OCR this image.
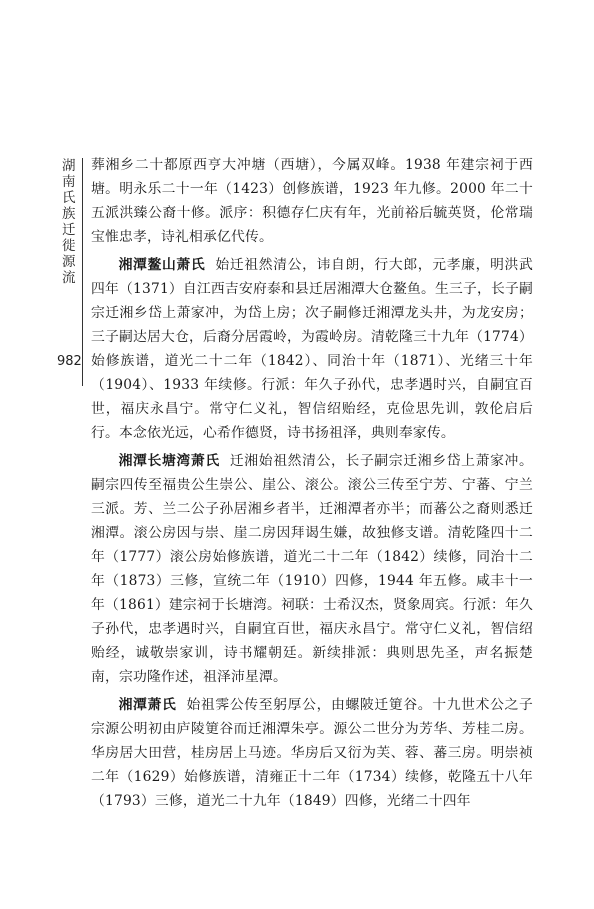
湖南氏族迁徙源流
982

葬湘乡二十都原西亨大冲塘（西塘），今属双峰。1938 年建宗祠于西塘。明永乐二十一年（1423）创修族谱，1923 年九修。2000 年二十五派洪臻公裔十修。派序：积德存仁庆有年，光前裕后毓英贤，伦常瑞宝惟忠孝，诗礼相承亿代传。

湘潭鳌山萧氏 始迁祖然清公，讳自朗，行大郎，元孝廉，明洪武四年（1371）自江西吉安府泰和县迁居湘潭大仓鳌鱼。生三子，长子嗣宗迁湘乡岱上萧家冲，为岱上房；次子嗣修迁湘潭龙头井，为龙安房；三子嗣达居大仓，后裔分居霞岭，为霞岭房。清乾隆三十九年（1774）始修族谱，道光二十二年（1842）、同治十年（1871）、光绪三十年（1904）、1933 年续修。行派：年久子孙代，忠孝遇时兴，自嗣宜百世，福庆永昌宁。常守仁义礼，智信绍贻经，克俭思先训，敦伦启后行。本念依光远，心希作德贤，诗书扬祖泽，典则奉家传。

湘潭长塘湾萧氏 迁湘始祖然清公，长子嗣宗迁湘乡岱上萧家冲。嗣宗四传至福贵公生崇公、崖公、滚公。滚公三传至宁芳、宁蕃、宁兰三派。芳、兰二公子孙居湘乡者半，迁湘潭者亦半；而蕃公之裔则悉迁湘潭。滚公房因与崇、崖二房因拜谒生嫌，故独修支谱。清乾隆四十二年（1777）滚公房始修族谱，道光二十二年（1842）续修，同治十二年（1873）三修，宣统二年（1910）四修，1944 年五修。咸丰十一年（1861）建宗祠于长塘湾。祠联：士希汉杰，贤象周宾。行派：年久子孙代，忠孝遇时兴，自嗣宜百世，福庆永昌宁。常守仁义礼，智信绍贻经，诚敬崇家训，诗书耀朝廷。新续排派：典则思先圣，声名振楚南，宗功隆作述，祖泽沛星潭。

湘潭萧氏 始祖霁公传至躬厚公，由螺陂迁筻谷。十九世术公之子宗源公明初由庐陵筻谷而迁湘潭朱亭。源公二世分为芳华、芳桂二房。华房居大田营，桂房居上马迹。华房后又衍为芙、蓉、蕃三房。明崇祯二年（1629）始修族谱，清雍正十二年（1734）续修，乾隆五十八年（1793）三修，道光二十九年（1849）四修，光绪二十四年
